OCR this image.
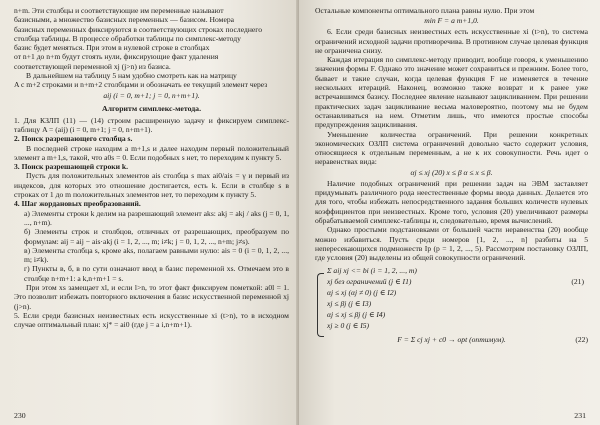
n+m. Эти столбцы и соответствующие им переменные называют

базисными, а множество базисных переменных — базисом. Номера

базисных переменных фиксируются в соответствующих строках последнего

столбца таблицы. В процессе обработки таблицы по симплекс-методу

базис будет меняться. При этом в нулевой строке в столбцах

от n+1 до n+m будут стоять нули, фиксирующие факт удаления

соответствующей переменной xj (j>n) из базиса.

В дальнейшем на таблицу 5 нам удобно смотреть как на матрицу

A с m+2 строками и n+m+2 столбцами и обозначать ее текущий элемент через

aij (i = 0, m+1; j = 0, n+m+1).
Алгоритм симплекс-метода.

1. Для КЗЛП (11) — (14) строим расширенную задачу и фиксируем симплекс-таблицу A = (aij) (i = 0, m+1; j = 0, n+m+1).

2. Поиск разрешающего столбца s.

В последней строке находим a m+1,s и далее находим первый положительный элемент a m+1,s, такой, что a0s = 0. Если подобных s нет, то переходим к пункту 5.

3. Поиск разрешающей строки k.

Пусть для положительных элементов ais столбца s max ai0/ais = γ и первый из индексов, для которых это отношение достигается, есть k. Если в столбце s в строках от 1 до m положительных элементов нет, то переходим к пункту 5.

4. Шаг жордановых преобразований.

а) Элементы строки k делим на разрешающий элемент aks: akj = akj / aks (j = 0, 1, ..., n+m).

б) Элементы строк и столбцов, отличных от разрешающих, преобразуем по формулам: aij = aij − ais·akj (i = 1, 2, ..., m; i≠k; j = 0, 1, 2, ..., n+m; j≠s).

в) Элементы столбца s, кроме aks, полагаем равными нулю: ais = 0 (i = 0, 1, 2, ..., m; i≠k).

г) Пункты в, б, в по сути означают ввод в базис переменной xs. Отмечаем это в столбце n+m+1: a k,n+m+1 = s.

При этом xs замещает xl, и если l>n, то этот факт фиксируем пометкой: a0l = 1. Это позволит избежать повторного включения в базис искусственной переменной xj (j>n).

5. Если среди базисных неизвестных есть искусственные xi (t>n), то в исходном случае оптимальный план: xj* = ai0 (где j = a i,n+m+1).

230

Остальные компоненты оптимального плана равны нулю. При этом

min F = a m+1,0.

6. Если среди базисных неизвестных есть искусственные xi (t>n), то система ограничений исходной задачи противоречива. В противном случае целевая функция не ограничена снизу.

Каждая итерация по симплекс-методу приводит, вообще говоря, к уменьшению значения формы F. Однако это значение может сохраниться и прежним. Более того, бывает и такие случаи, когда целевая функция F не изменяется в течение нескольких итераций. Наконец, возможно также возврат и к ранее уже встречавшимся базису. Последнее явление называют зацикливанием. При решении практических задач зацикливание весьма маловероятно, поэтому мы не будем останавливаться на нем. Отметим лишь, что имеются простые способы предупреждения зацикливания.

Уменьшение количества ограничений. При решении конкретных экономических ОЗЛП система ограничений довольно часто содержит условия, относящиеся к отдельным переменным, а не к их совокупности. Речь идет о неравенствах вида:

αj ≤ xj (20) x ≤ β α ≤ x ≤ β.

Наличие подобных ограничений при решении задач на ЭВМ заставляет придумывать различного рода неестественные формы ввода данных. Делается это для того, чтобы избежать непосредственного задания больших количеств нулевых коэффициентов при неизвестных. Кроме того, условия (20) увеличивают размеры обрабатываемой симплекс-таблицы и, следовательно, время вычислений.

Однако простыми подстановками от большей части неравенства (20) вообще можно избавиться. Пусть среди номеров [1, 2, ..., n] разбиты на 5 непересекающихся подмножеств Ip (p = 1, 2, ..., 5). Рассмотрим постановку ОЗЛП, где условия (20) выделены из общей совокупности ограничений.

Σ aij xj <= bi (i = 1, 2, ..., m)
xj без ограничений (j ∈ I1)	(21)
αj ≤ xj (αj ≠ 0) (j ∈ I2)
xj ≤ βj (j ∈ I3)
αj ≤ xj ≤ βj (j ∈ I4)
xj ≥ 0 (j ∈ I5)
F = Σ cj xj + c0 → opt (оптимум).	(22)
231
